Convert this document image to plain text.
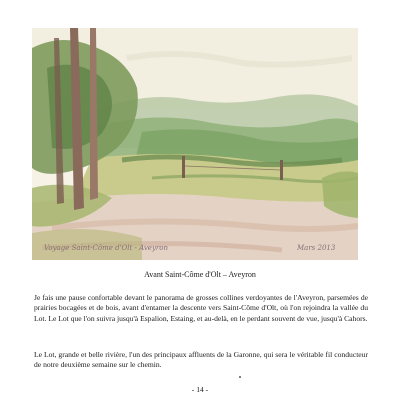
Voyage Saint-Côme d'Olt - Aveyron	Mars 2013
Avant Saint-Côme d'Olt – Aveyron

Je fais une pause confortable devant le panorama de grosses collines verdoyantes de l'Aveyron, parsemées de prairies bocagées et de bois, avant d'entamer la descente vers Saint-Côme d'Olt, où l'on rejoindra la vallée du Lot. Le Lot que l'on suivra jusqu'à Espalion, Estaing, et au-delà, en le perdant souvent de vue, jusqu'à Cahors.

Le Lot, grande et belle rivière, l'un des principaux affluents de la Garonne, qui sera le véritable fil conducteur de notre deuxième semaine sur le chemin.

- 14 -
